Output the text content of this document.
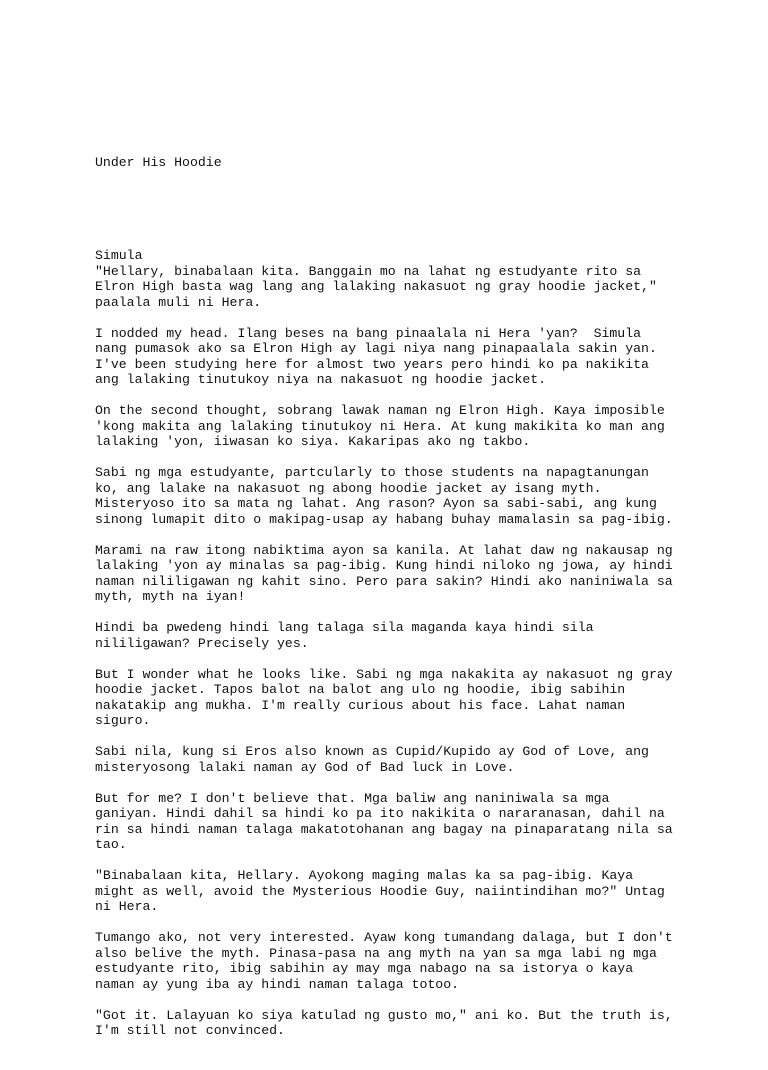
Under His Hoodie

Simula
"Hellary, binabalaan kita. Banggain mo na lahat ng estudyante rito sa
Elron High basta wag lang ang lalaking nakasuot ng gray hoodie jacket,"
paalala muli ni Hera.
I nodded my head. Ilang beses na bang pinaalala ni Hera 'yan?  Simula
nang pumasok ako sa Elron High ay lagi niya nang pinapaalala sakin yan.
I've been studying here for almost two years pero hindi ko pa nakikita
ang lalaking tinutukoy niya na nakasuot ng hoodie jacket.
On the second thought, sobrang lawak naman ng Elron High. Kaya imposible
'kong makita ang lalaking tinutukoy ni Hera. At kung makikita ko man ang
lalaking 'yon, iiwasan ko siya. Kakaripas ako ng takbo.
Sabi ng mga estudyante, partcularly to those students na napagtanungan
ko, ang lalake na nakasuot ng abong hoodie jacket ay isang myth.
Misteryoso ito sa mata ng lahat. Ang rason? Ayon sa sabi-sabi, ang kung
sinong lumapit dito o makipag-usap ay habang buhay mamalasin sa pag-ibig.
Marami na raw itong nabiktima ayon sa kanila. At lahat daw ng nakausap ng
lalaking 'yon ay minalas sa pag-ibig. Kung hindi niloko ng jowa, ay hindi
naman nililigawan ng kahit sino. Pero para sakin? Hindi ako naniniwala sa
myth, myth na iyan!
Hindi ba pwedeng hindi lang talaga sila maganda kaya hindi sila
nililigawan? Precisely yes.
But I wonder what he looks like. Sabi ng mga nakakita ay nakasuot ng gray
hoodie jacket. Tapos balot na balot ang ulo ng hoodie, ibig sabihin
nakatakip ang mukha. I'm really curious about his face. Lahat naman
siguro.
Sabi nila, kung si Eros also known as Cupid/Kupido ay God of Love, ang
misteryosong lalaki naman ay God of Bad luck in Love.
But for me? I don't believe that. Mga baliw ang naniniwala sa mga
ganiyan. Hindi dahil sa hindi ko pa ito nakikita o nararanasan, dahil na
rin sa hindi naman talaga makatotohanan ang bagay na pinaparatang nila sa
tao.
"Binabalaan kita, Hellary. Ayokong maging malas ka sa pag-ibig. Kaya
might as well, avoid the Mysterious Hoodie Guy, naiintindihan mo?" Untag
ni Hera.
Tumango ako, not very interested. Ayaw kong tumandang dalaga, but I don't
also belive the myth. Pinasa-pasa na ang myth na yan sa mga labi ng mga
estudyante rito, ibig sabihin ay may mga nabago na sa istorya o kaya
naman ay yung iba ay hindi naman talaga totoo.
"Got it. Lalayuan ko siya katulad ng gusto mo," ani ko. But the truth is,
I'm still not convinced.
